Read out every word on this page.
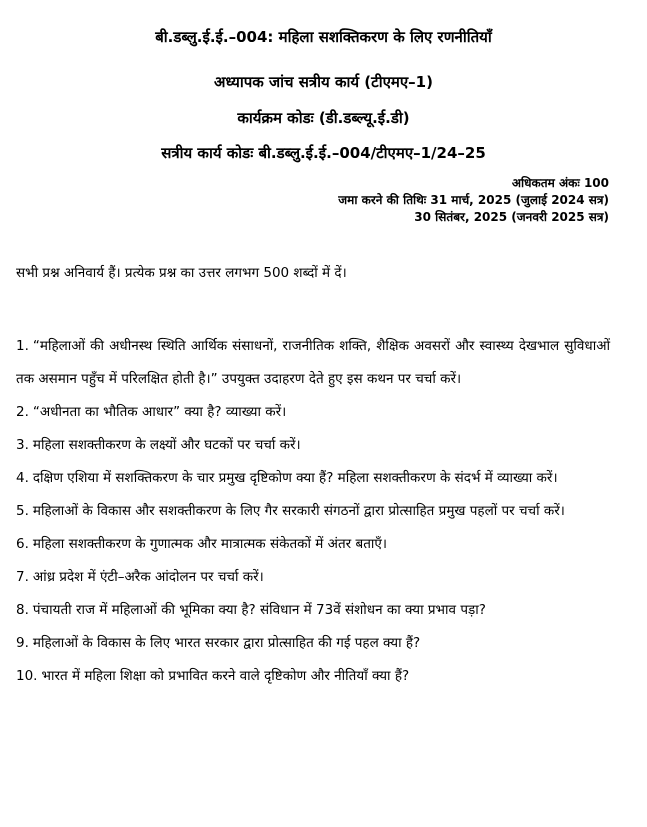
बी.डब्लु.ई.ई.–004: महिला सशक्तिकरण के लिए रणनीतियाँ
अध्यापक जांच सत्रीय कार्य (टीएमए–1)
कार्यक्रम कोडः (डी.डब्ल्यू.ई.डी)
सत्रीय कार्य कोडः बी.डब्लु.ई.ई.–004/टीएमए–1/24–25
अधिकतम अंकः 100
जमा करने की तिथिः 31 मार्च, 2025 (जुलाई 2024 सत्र)
30 सितंबर, 2025 (जनवरी 2025 सत्र)
सभी प्रश्न अनिवार्य हैं। प्रत्येक प्रश्न का उत्तर लगभग 500 शब्दों में दें।
1. “महिलाओं की अधीनस्थ स्थिति आर्थिक संसाधनों, राजनीतिक शक्ति, शैक्षिक अवसरों और स्वास्थ्य देखभाल सुविधाओं तक असमान पहुँच में परिलक्षित होती है।” उपयुक्त उदाहरण देते हुए इस कथन पर चर्चा करें।
2. “अधीनता का भौतिक आधार” क्या है? व्याख्या करें।
3. महिला सशक्तीकरण के लक्ष्यों और घटकों पर चर्चा करें।
4. दक्षिण एशिया में सशक्तिकरण के चार प्रमुख दृष्टिकोण क्या हैं? महिला सशक्तीकरण के संदर्भ में व्याख्या करें।
5. महिलाओं के विकास और सशक्तीकरण के लिए गैर सरकारी संगठनों द्वारा प्रोत्साहित प्रमुख पहलों पर चर्चा करें।
6. महिला सशक्तीकरण के गुणात्मक और मात्रात्मक संकेतकों में अंतर बताएँ।
7. आंध्र प्रदेश में एंटी–अरैक आंदोलन पर चर्चा करें।
8. पंचायती राज में महिलाओं की भूमिका क्या है? संविधान में 73वें संशोधन का क्या प्रभाव पड़ा?
9. महिलाओं के विकास के लिए भारत सरकार द्वारा प्रोत्साहित की गई पहल क्या हैं?
10. भारत में महिला शिक्षा को प्रभावित करने वाले दृष्टिकोण और नीतियाँ क्या हैं?
